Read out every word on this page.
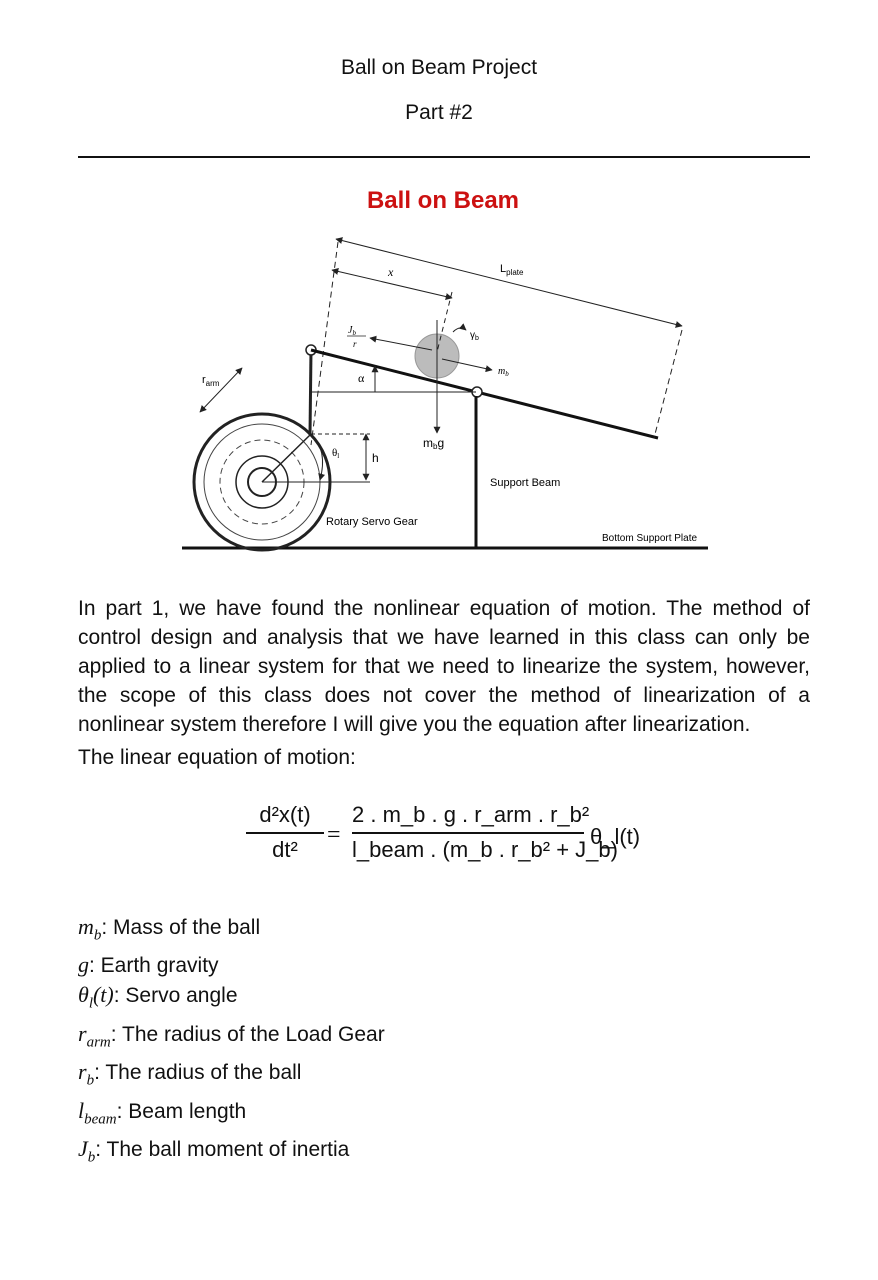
Ball on Beam Project
Part #2
Ball on Beam
$r_{arm}$	α
mbg
$J_b$
r
$m_b$
$\gamma_b$
x	$L_{plate}$
θl	h
Support Beam
Rotary Servo Gear
Bottom Support Plate

In part 1, we have found the nonlinear equation of motion. The method of control design and analysis that we have learned in this class can only be applied to a linear system for that we need to linearize the system, however, the scope of this class does not cover the method of linearization of a nonlinear system therefore I will give you the equation after linearization.

The linear equation of motion:
d²x(t)
dt²
=
2 . m_b . g . r_arm . r_b²
l_beam . (m_b . r_b² + J_b)
θ_l(t)
$m_b$: Mass of the ball
g: Earth gravity
$\theta_l(t)$: Servo angle
$r_{arm}$: The radius of the Load Gear
$r_b$: The radius of the ball
$l_{beam}$: Beam length
$J_b$: The ball moment of inertia
